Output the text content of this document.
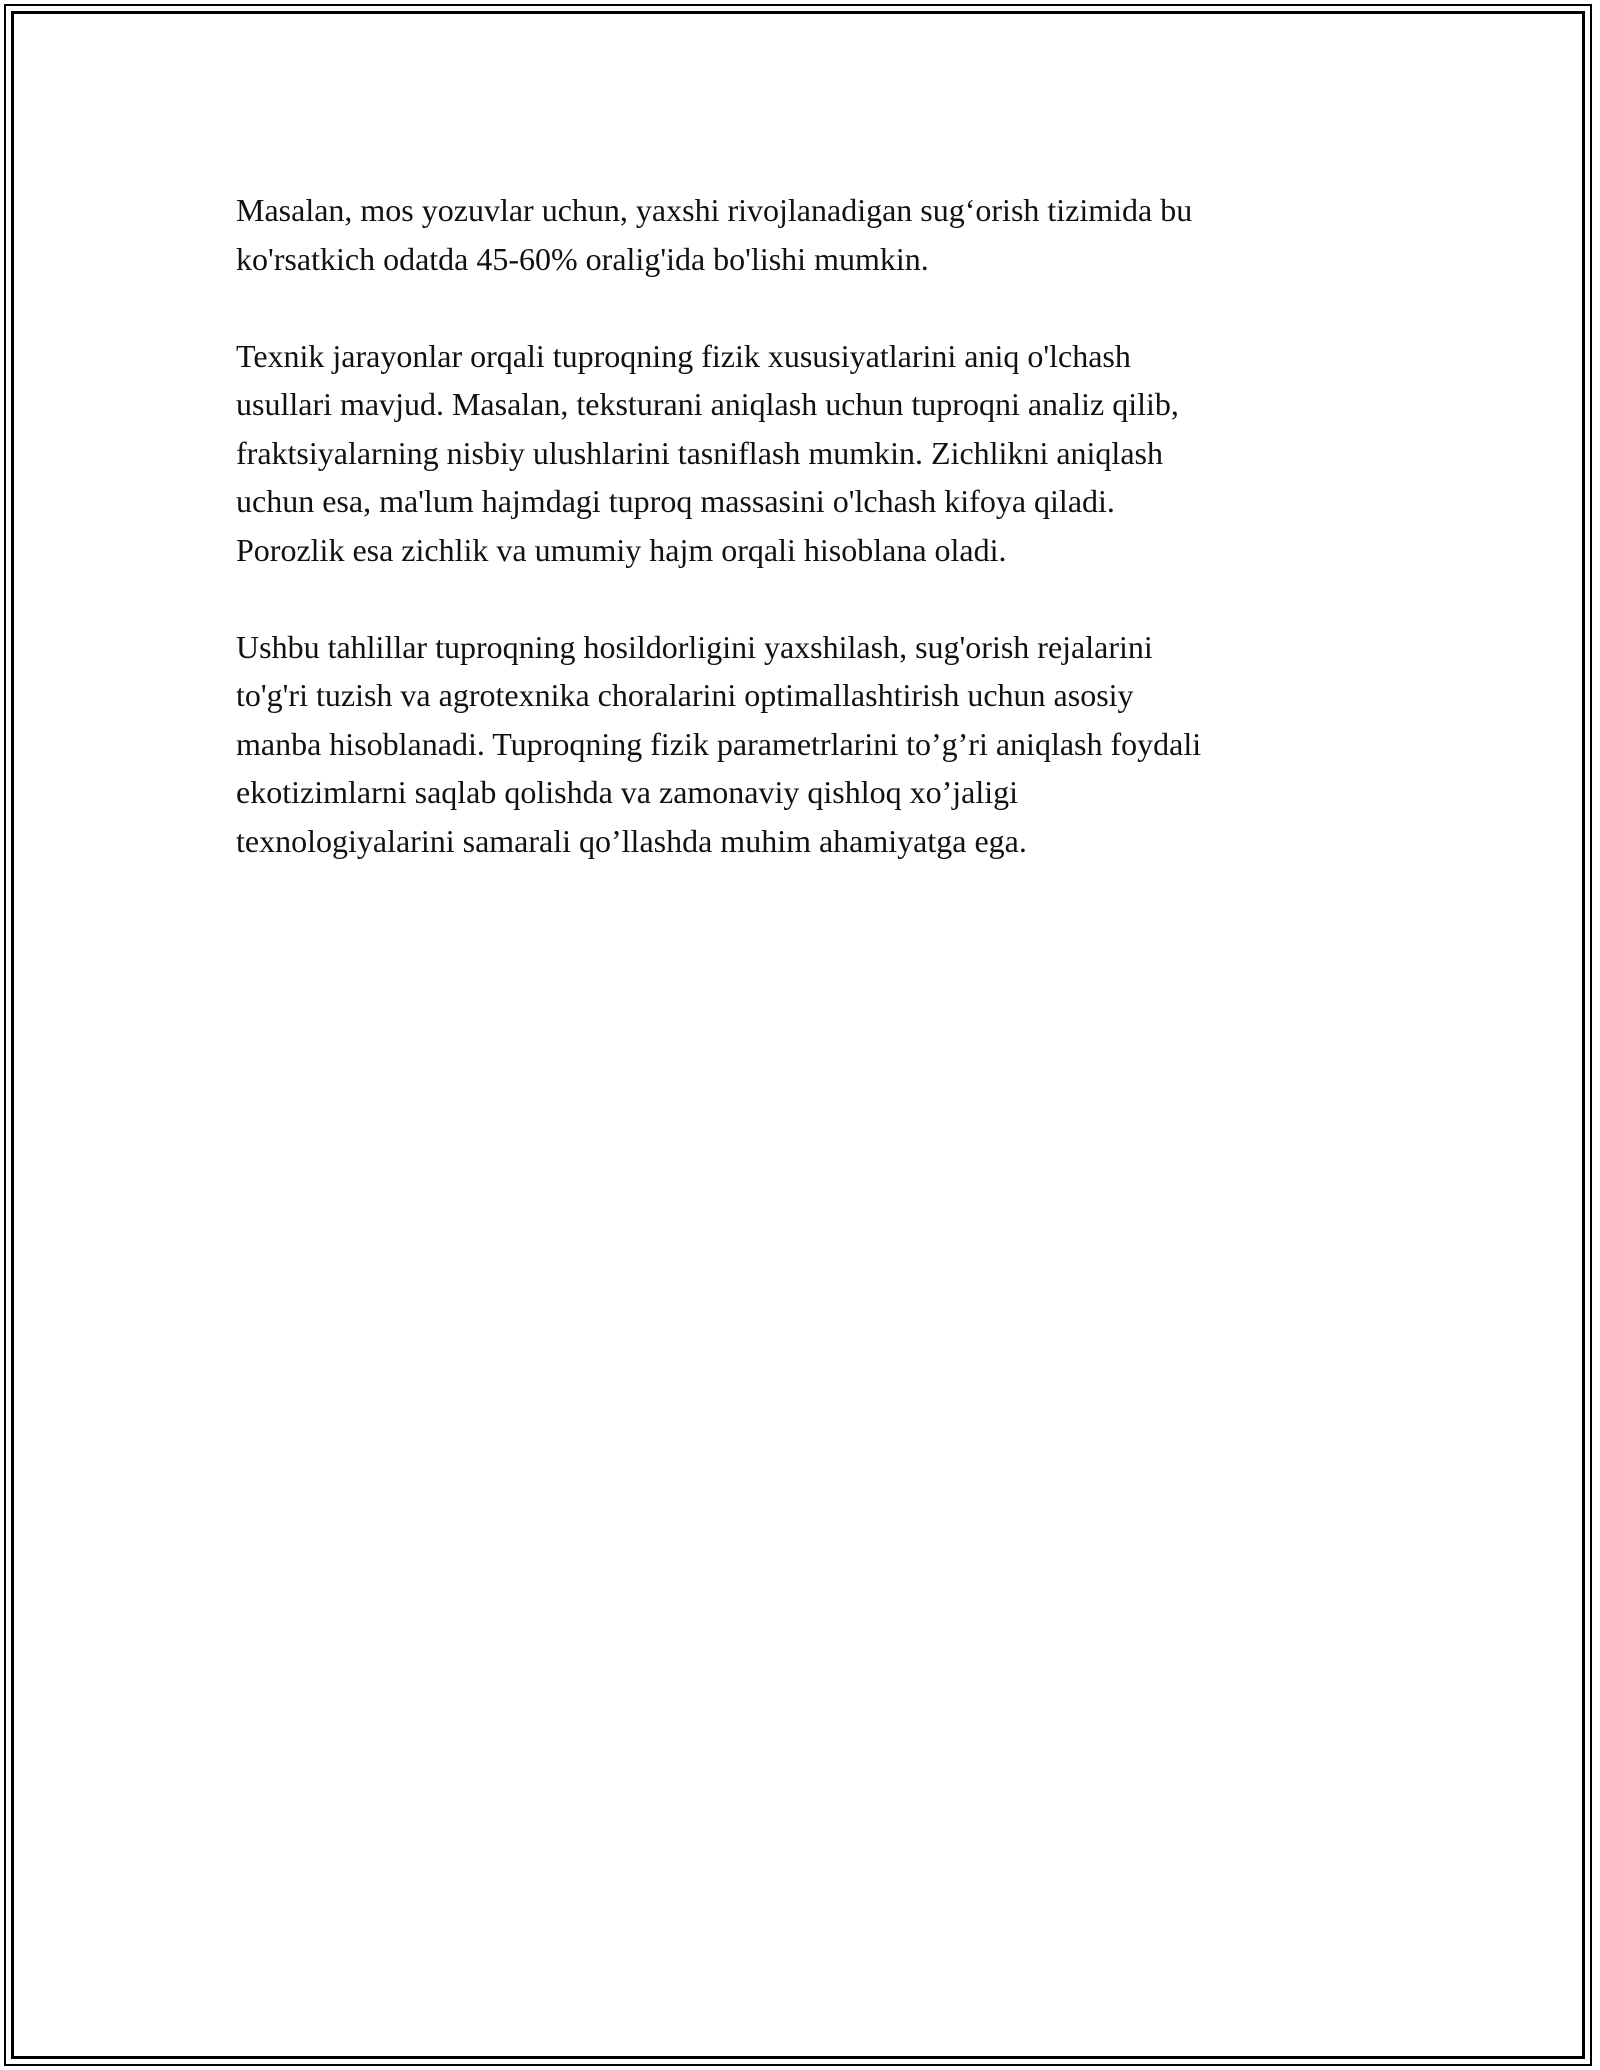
Masalan, mos yozuvlar uchun, yaxshi rivojlanadigan sug‘orish tizimida bu
ko'rsatkich odatda 45-60% oralig'ida bo'lishi mumkin.

Texnik jarayonlar orqali tuproqning fizik xususiyatlarini aniq o'lchash
usullari mavjud. Masalan, teksturani aniqlash uchun tuproqni analiz qilib,
fraktsiyalarning nisbiy ulushlarini tasniflash mumkin. Zichlikni aniqlash
uchun esa, ma'lum hajmdagi tuproq massasini o'lchash kifoya qiladi.
Porozlik esa zichlik va umumiy hajm orqali hisoblana oladi.

Ushbu tahlillar tuproqning hosildorligini yaxshilash, sug'orish rejalarini
to'g'ri tuzish va agrotexnika choralarini optimallashtirish uchun asosiy
manba hisoblanadi. Tuproqning fizik parametrlarini to’g’ri aniqlash foydali
ekotizimlarni saqlab qolishda va zamonaviy qishloq xo’jaligi
texnologiyalarini samarali qo’llashda muhim ahamiyatga ega.
